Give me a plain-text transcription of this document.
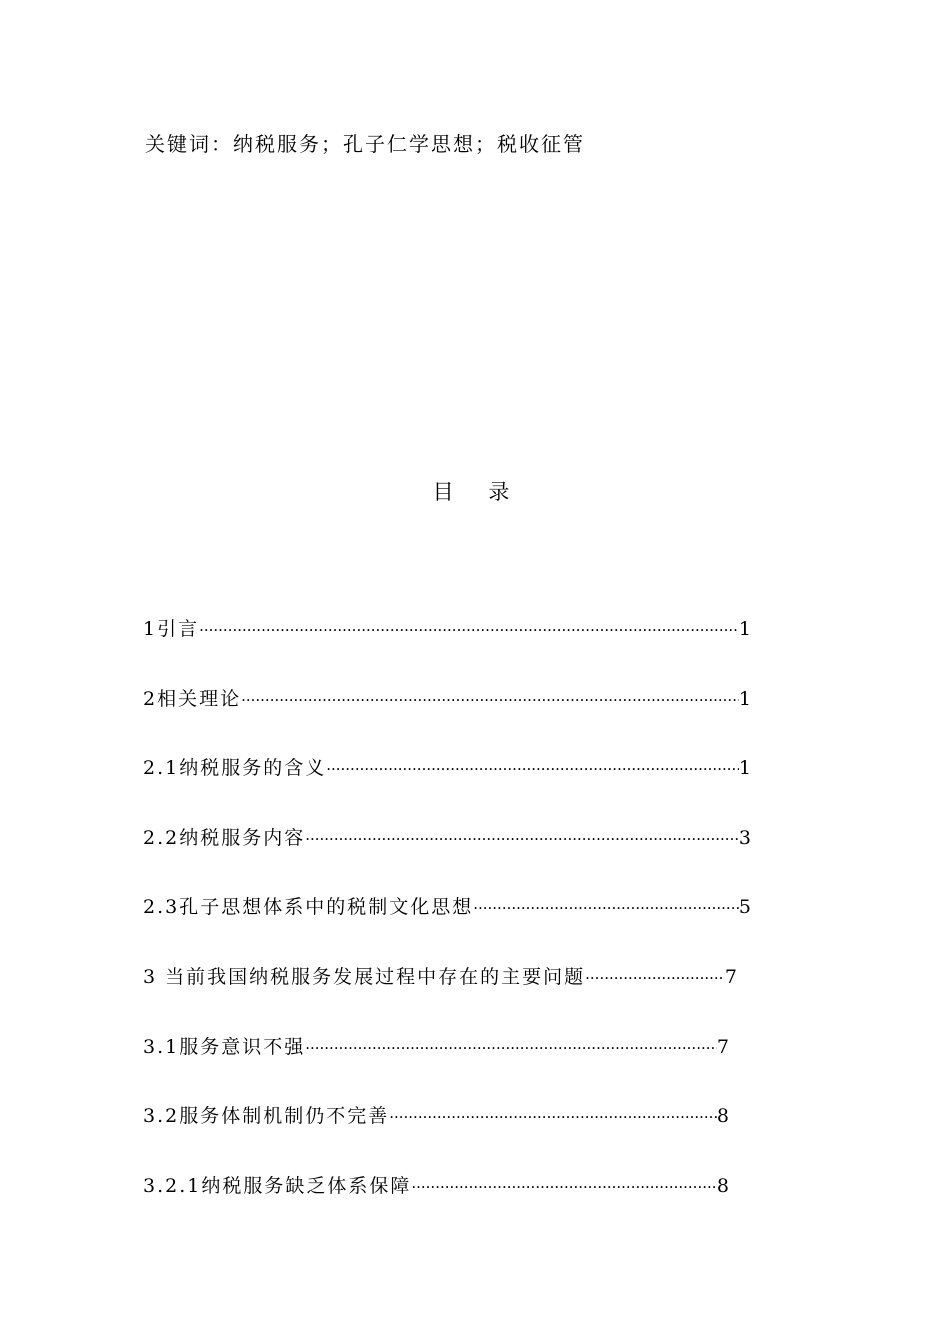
关键词：纳税服务；孔子仁学思想；税收征管
目 录
1引言 ·····	1
2相关理论 ·····	1
2.1纳税服务的含义 ·····	1
2.2纳税服务内容 ·····	3
2.3孔子思想体系中的税制文化思想 ·····	5
3 当前我国纳税服务发展过程中存在的主要问题 ·····	7
3.1服务意识不强 ·····	7
3.2服务体制机制仍不完善 ·····	8
3.2.1纳税服务缺乏体系保障 ·····	8
